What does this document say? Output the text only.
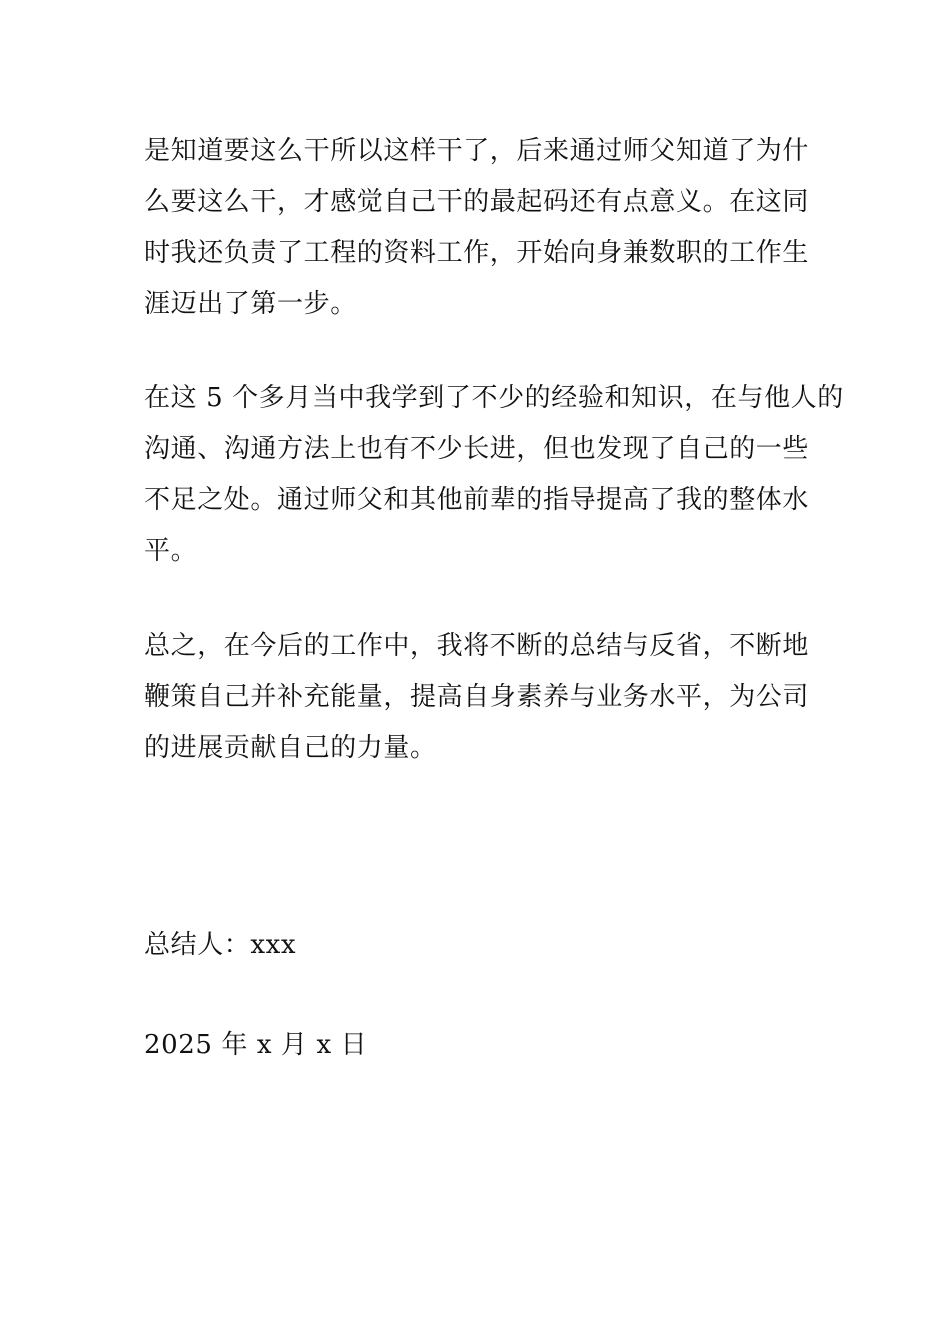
是知道要这么干所以这样干了，后来通过师父知道了为什
么要这么干，才感觉自己干的最起码还有点意义。在这同
时我还负责了工程的资料工作，开始向身兼数职的工作生
涯迈出了第一步。
在这 5 个多月当中我学到了不少的经验和知识，在与他人的
沟通、沟通方法上也有不少长进，但也发现了自己的一些
不足之处。通过师父和其他前辈的指导提高了我的整体水
平。
总之，在今后的工作中，我将不断的总结与反省，不断地
鞭策自己并补充能量，提高自身素养与业务水平，为公司
的进展贡献自己的力量。
总结人：xxx
2025 年 x 月 x 日
